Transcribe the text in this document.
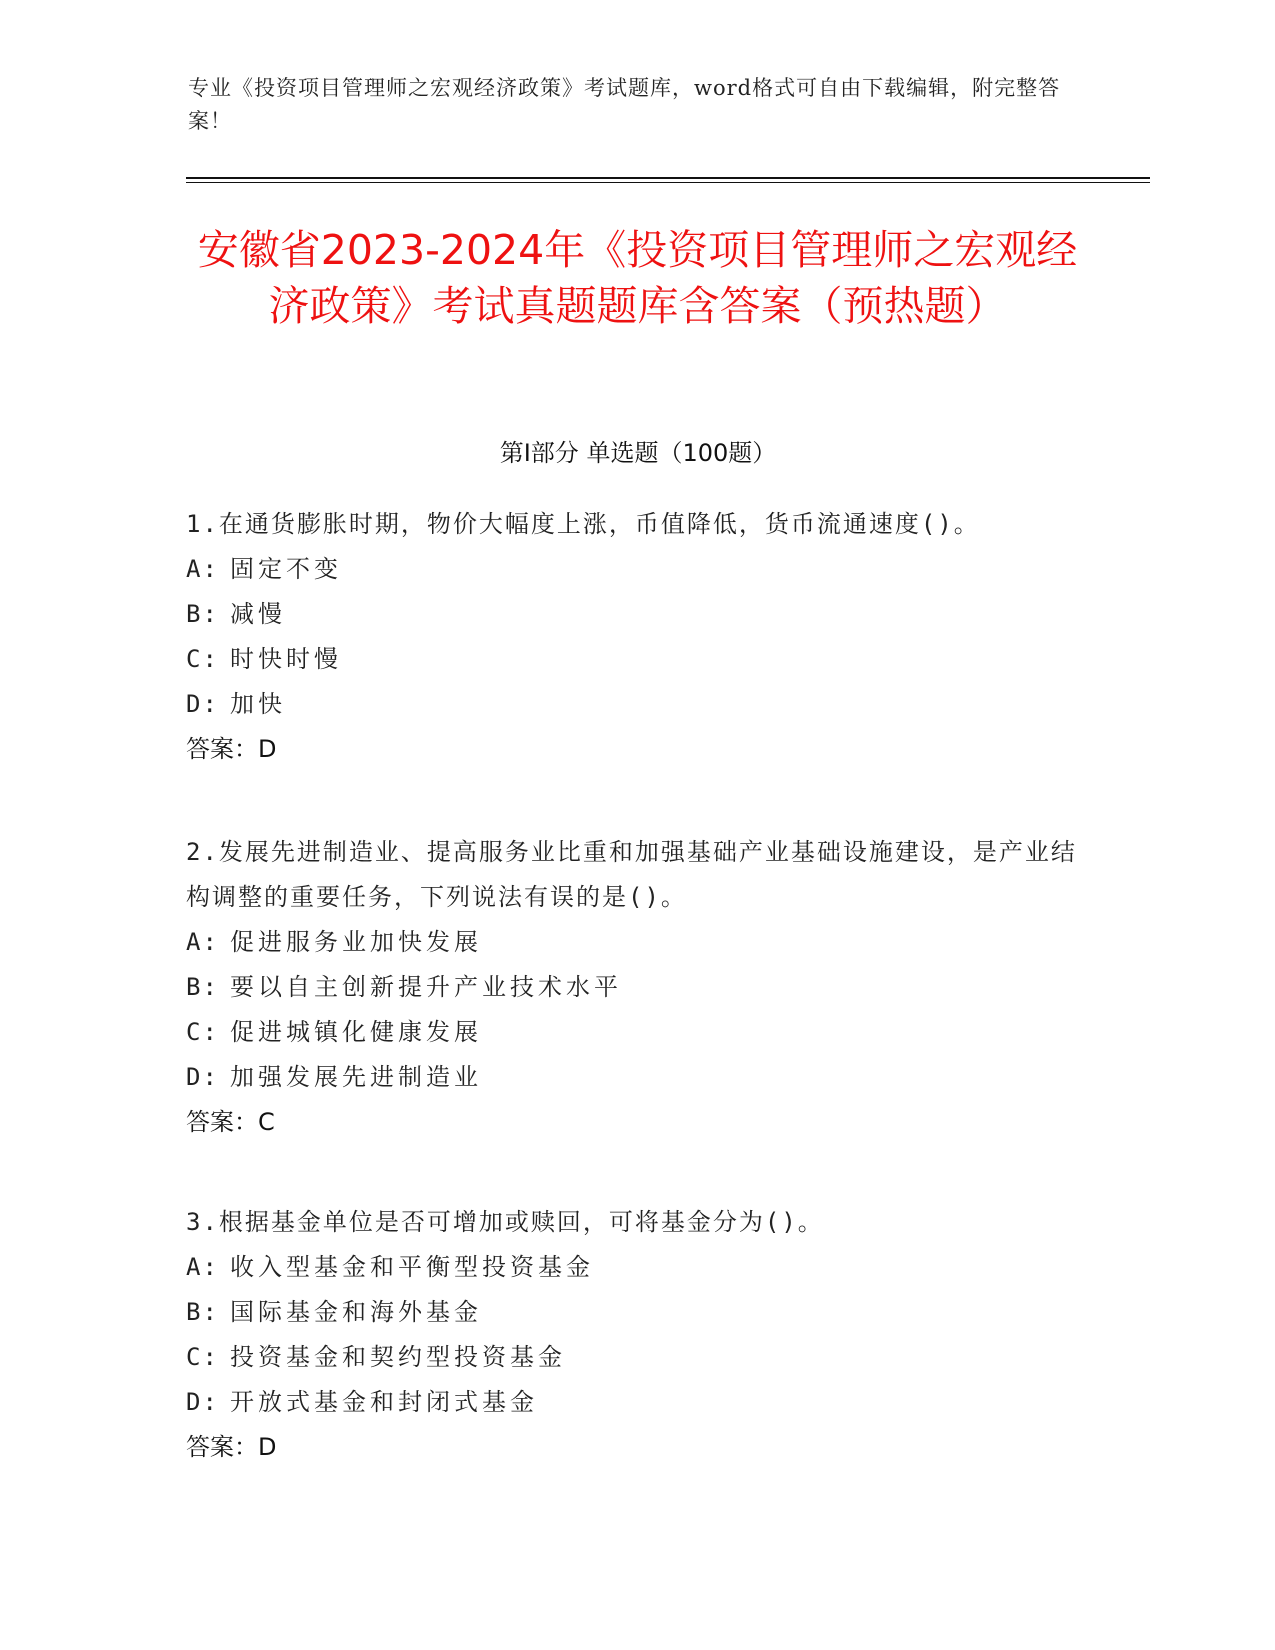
专业《投资项目管理师之宏观经济政策》考试题库，word格式可自由下载编辑，附完整答案！
安徽省2023-2024年《投资项目管理师之宏观经济政策》考试真题题库含答案（预热题）
第I部分 单选题（100题）

1.在通货膨胀时期，物价大幅度上涨，币值降低，货币流通速度()。

A: 固定不变

B: 减慢

C: 时快时慢

D: 加快

答案：D

2.发展先进制造业、提高服务业比重和加强基础产业基础设施建设，是产业结构调整的重要任务，下列说法有误的是()。

A: 促进服务业加快发展

B: 要以自主创新提升产业技术水平

C: 促进城镇化健康发展

D: 加强发展先进制造业

答案：C

3.根据基金单位是否可增加或赎回，可将基金分为()。

A: 收入型基金和平衡型投资基金

B: 国际基金和海外基金

C: 投资基金和契约型投资基金

D: 开放式基金和封闭式基金

答案：D
